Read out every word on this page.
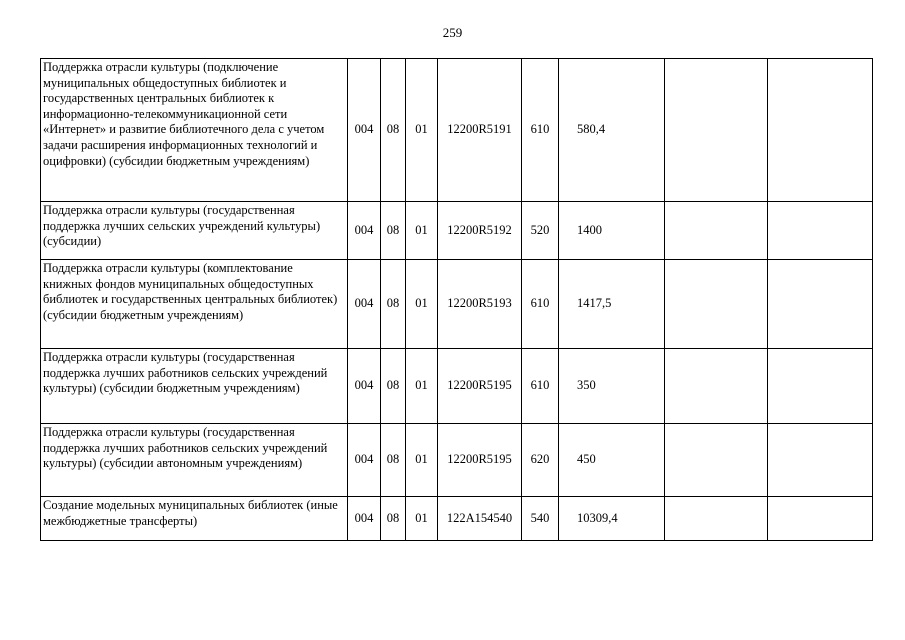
259
Поддержка отрасли культуры (подключение муниципальных общедоступных библиотек и государственных центральных библиотек к информационно-телекоммуникационной сети «Интернет» и развитие библиотечного дела с учетом задачи расширения информационных технологий и оцифровки) (субсидии бюджетным учреждениям)	004	08	01	12200R5191	610	580,4		
Поддержка отрасли культуры (государственная поддержка лучших сельских учреждений культуры) (субсидии)	004	08	01	12200R5192	520	1400		
Поддержка отрасли культуры (комплектование книжных фондов муниципальных общедоступных библиотек и государственных центральных библиотек) (субсидии бюджетным учреждениям)	004	08	01	12200R5193	610	1417,5		
Поддержка отрасли культуры (государственная поддержка лучших работников сельских учреждений культуры) (субсидии бюджетным учреждениям)	004	08	01	12200R5195	610	350		
Поддержка отрасли культуры (государственная поддержка лучших работников сельских учреждений культуры) (субсидии автономным учреждениям)	004	08	01	12200R5195	620	450		
Создание модельных муниципальных библиотек (иные межбюджетные трансферты)	004	08	01	122A154540	540	10309,4		
